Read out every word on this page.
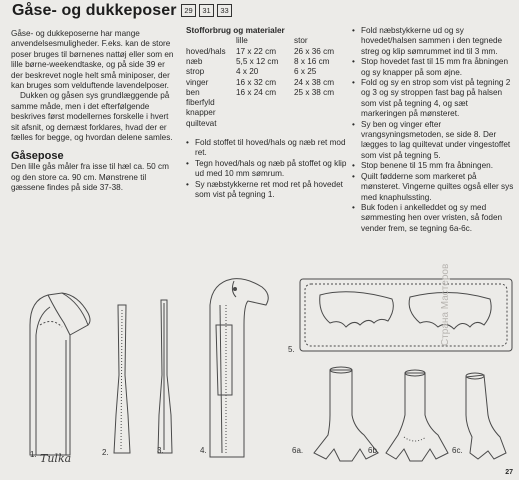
Gåse- og dukkeposer	29	31	33

Gåse- og dukkeposerne har mange anvendelsesmuligheder. F.eks. kan de store poser bruges til børnenes nattøj eller som en lille børne-weekendtaske, og på side 39 er der beskrevet nogle helt små miniposer, der kan bruges som velduftende lavendelposer.

Dukken og gåsen sys grundlæggende på samme måde, men i det efterfølgende beskrives først modellernes forskelle i hvert sit afsnit, og dernæst forklares, hvad der er fælles for begge, og hvordan delene samles.

Gåsepose

Den lille gås måler fra isse til hæl ca. 50 cm og den store ca. 90 cm. Mønstrene til gæssene findes på side 37-38.

Stofforbrug og materialer
	lille	stor
hoved/hals	17 x 22 cm	26 x 36 cm
næb	5,5 x 12 cm	8 x 16 cm
strop	4 x 20	6 x 25
vinger	16 x 32 cm	24 x 38 cm
ben	16 x 24 cm	25 x 38 cm
fiberfyld		
knapper		
quiltevat		
• Fold stoffet til hoved/hals og næb ret mod ret.
• Tegn hoved/hals og næb på stoffet og klip ud med 10 mm sømrum.
• Sy næbstykkerne ret mod ret på hovedet som vist på tegning 1.
• Fold næbstykkerne ud og sy hovedet/halsen sammen i den tegnede streg og klip sømrummet ind til 3 mm.
• Stop hovedet fast til 15 mm fra åbningen og sy knapper på som øjne.
• Fold og sy en strop som vist på tegning 2 og 3 og sy stroppen fast bag på halsen som vist på tegning 4, og sæt markeringen på mønsteret.
• Sy ben og vinger efter vrangsyningsmetoden, se side 8. Der lægges to lag quiltevat under vingestoffet som vist på tegning 5.
• Stop benene til 15 mm fra åbningen.
• Quilt fødderne som markeret på mønsteret. Vingerne quiltes også eller sys med knaphulssting.
• Buk foden i ankelleddet og sy med sømmesting hen over vristen, så foden vender frem, se tegning 6a-6c.
1.	2.	3.	4.
5.
6a.	6b.	6c.
Tulka
Страна Мастеров
27
